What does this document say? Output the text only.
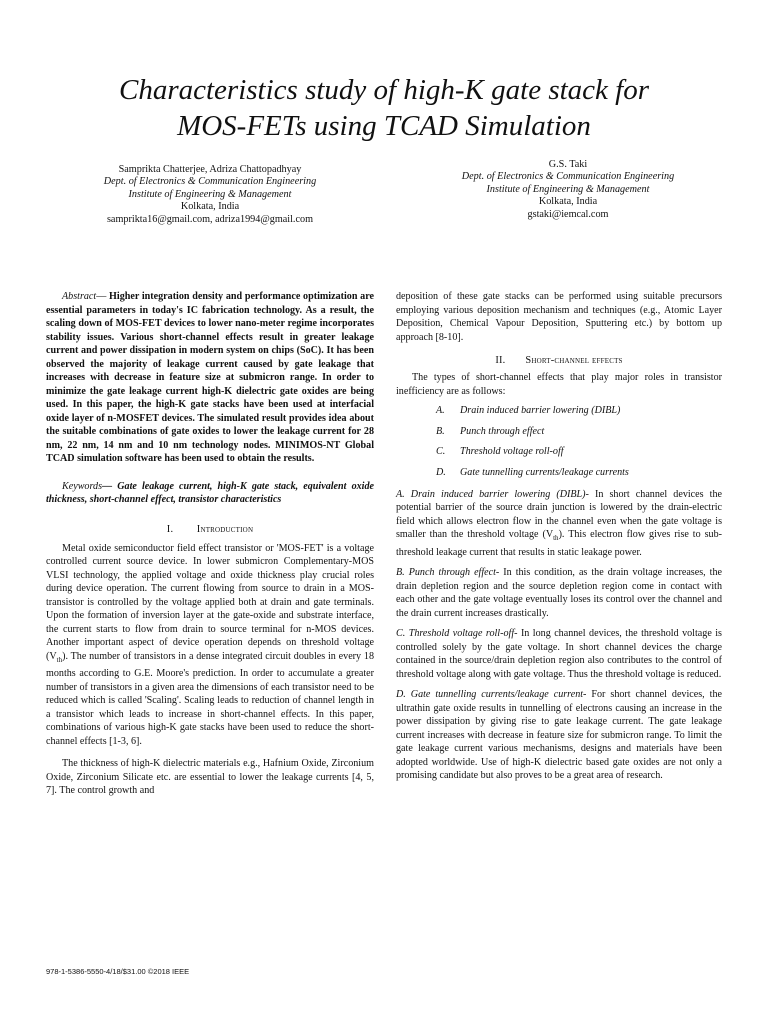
Characteristics study of high-K gate stack for
MOS-FETs using TCAD Simulation
Samprikta Chatterjee, Adriza Chattopadhyay
Dept. of Electronics & Communication Engineering
Institute of Engineering & Management
Kolkata, India
samprikta16@gmail.com, adriza1994@gmail.com
G.S. Taki
Dept. of Electronics & Communication Engineering
Institute of Engineering & Management
Kolkata, India
gstaki@iemcal.com

Abstract— Higher integration density and performance optimization are essential parameters in today's IC fabrication technology. As a result, the scaling down of MOS-FET devices to lower nano-meter regime incorporates stability issues. Various short-channel effects result in greater leakage current and power dissipation in modern system on chips (SoC). It has been observed the majority of leakage current caused by gate leakage that increases with decrease in feature size at submicron range. In order to minimize the gate leakage current high-K dielectric gate oxides are being used. In this paper, the high-K gate stacks have been used at interfacial oxide layer of n-MOSFET devices. The simulated result provides idea about the suitable combinations of gate oxides to lower the leakage current for 28 nm, 22 nm, 14 nm and 10 nm technology nodes. MINIMOS-NT Global TCAD simulation software has been used to obtain the results.

Keywords— Gate leakage current, high-K gate stack, equivalent oxide thickness, short-channel effect, transistor characteristics

I. Introduction

Metal oxide semiconductor field effect transistor or 'MOS-FET' is a voltage controlled current source device. In lower submicron Complementary-MOS VLSI technology, the applied voltage and oxide thickness play crucial roles during device operation. The current flowing from source to drain in a MOS-transistor is controlled by the voltage applied both at drain and gate terminals. Upon the formation of inversion layer at the gate-oxide and substrate interface, the current starts to flow from drain to source terminal for n-MOS devices. Another important aspect of device operation depends on threshold voltage $(V_{th})$. The number of transistors in a dense integrated circuit doubles in every 18 months according to G.E. Moore's prediction. In order to accumulate a greater number of transistors in a given area the dimensions of each transistor need to be reduced which is called 'Scaling'. Scaling leads to reduction of channel length in a transistor which leads to increase in short-channel effects. In this paper, combinations of various high-K gate stacks have been used to reduce the short-channel effects [1-3, 6].

The thickness of high-K dielectric materials e.g., Hafnium Oxide, Zirconium Oxide, Zirconium Silicate etc. are essential to lower the leakage currents [4, 5, 7]. The control growth and

deposition of these gate stacks can be performed using suitable precursors employing various deposition mechanism and techniques (e.g., Atomic Layer Deposition, Chemical Vapour Deposition, Sputtering etc.) by bottom up approach [8-10].

II. Short-channel effects

The types of short-channel effects that play major roles in transistor inefficiency are as follows:

A. Drain induced barrier lowering (DIBL)
B. Punch through effect
C. Threshold voltage roll-off
D. Gate tunnelling currents/leakage currents

A. Drain induced barrier lowering (DIBL)- In short channel devices the potential barrier of the source drain junction is lowered by the drain-electric field which allows electron flow in the channel even when the gate voltage is smaller than the threshold voltage $(V_{th})$. This electron flow gives rise to sub-threshold leakage current that results in static leakage power.

B. Punch through effect- In this condition, as the drain voltage increases, the drain depletion region and the source depletion region come in contact with each other and the gate voltage eventually loses its control over the channel and the drain current increases drastically.

C. Threshold voltage roll-off- In long channel devices, the threshold voltage is controlled solely by the gate voltage. In short channel devices the charge contained in the source/drain depletion region also contributes to the control of threshold voltage along with gate voltage. Thus the threshold voltage is reduced.

D. Gate tunnelling currents/leakage current- For short channel devices, the ultrathin gate oxide results in tunnelling of electrons causing an increase in the power dissipation by giving rise to gate leakage current. The gate leakage current increases with decrease in feature size for submicron range. To limit the gate leakage current various mechanisms, designs and materials have been adopted worldwide. Use of high-K dielectric based gate oxides are not only a promising candidate but also proves to be a great area of research.

978-1-5386-5550-4/18/$31.00 ©2018 IEEE
